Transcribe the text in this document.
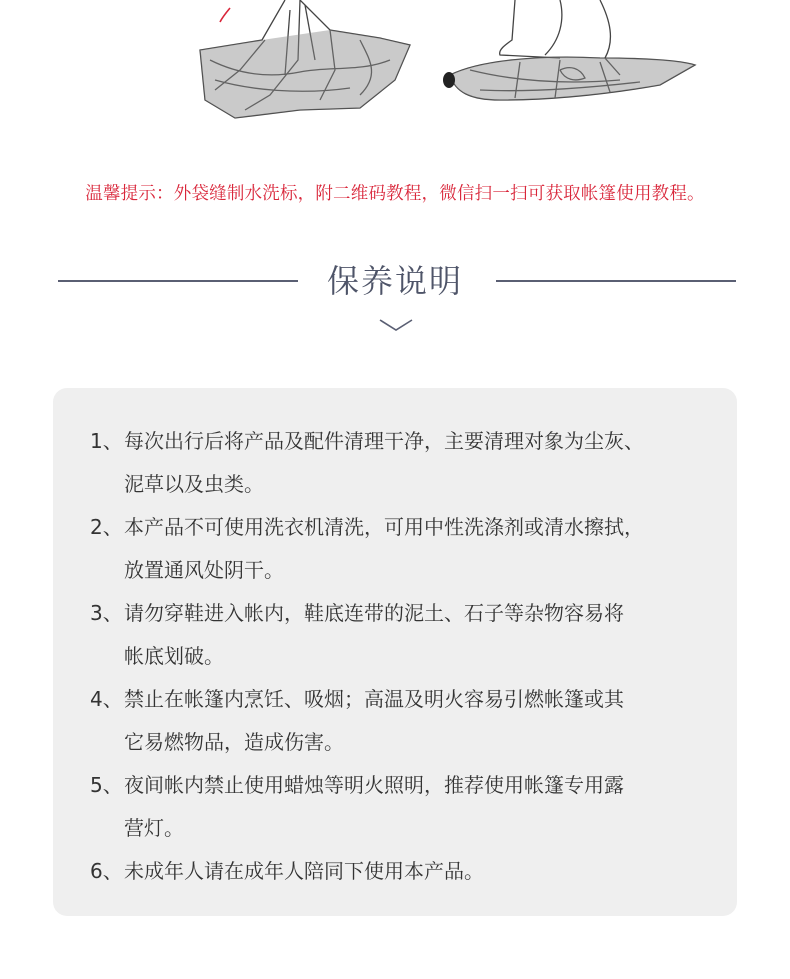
温馨提示：外袋缝制水洗标，附二维码教程，微信扫一扫可获取帐篷使用教程。
保养说明
1、 每次出行后将产品及配件清理干净，主要清理对象为尘灰、
泥草以及虫类。
2、 本产品不可使用洗衣机清洗，可用中性洗涤剂或清水擦拭，
放置通风处阴干。
3、 请勿穿鞋进入帐内，鞋底连带的泥土、石子等杂物容易将
帐底划破。
4、 禁止在帐篷内烹饪、吸烟；高温及明火容易引燃帐篷或其
它易燃物品，造成伤害。
5、 夜间帐内禁止使用蜡烛等明火照明，推荐使用帐篷专用露
营灯。
6、 未成年人请在成年人陪同下使用本产品。
